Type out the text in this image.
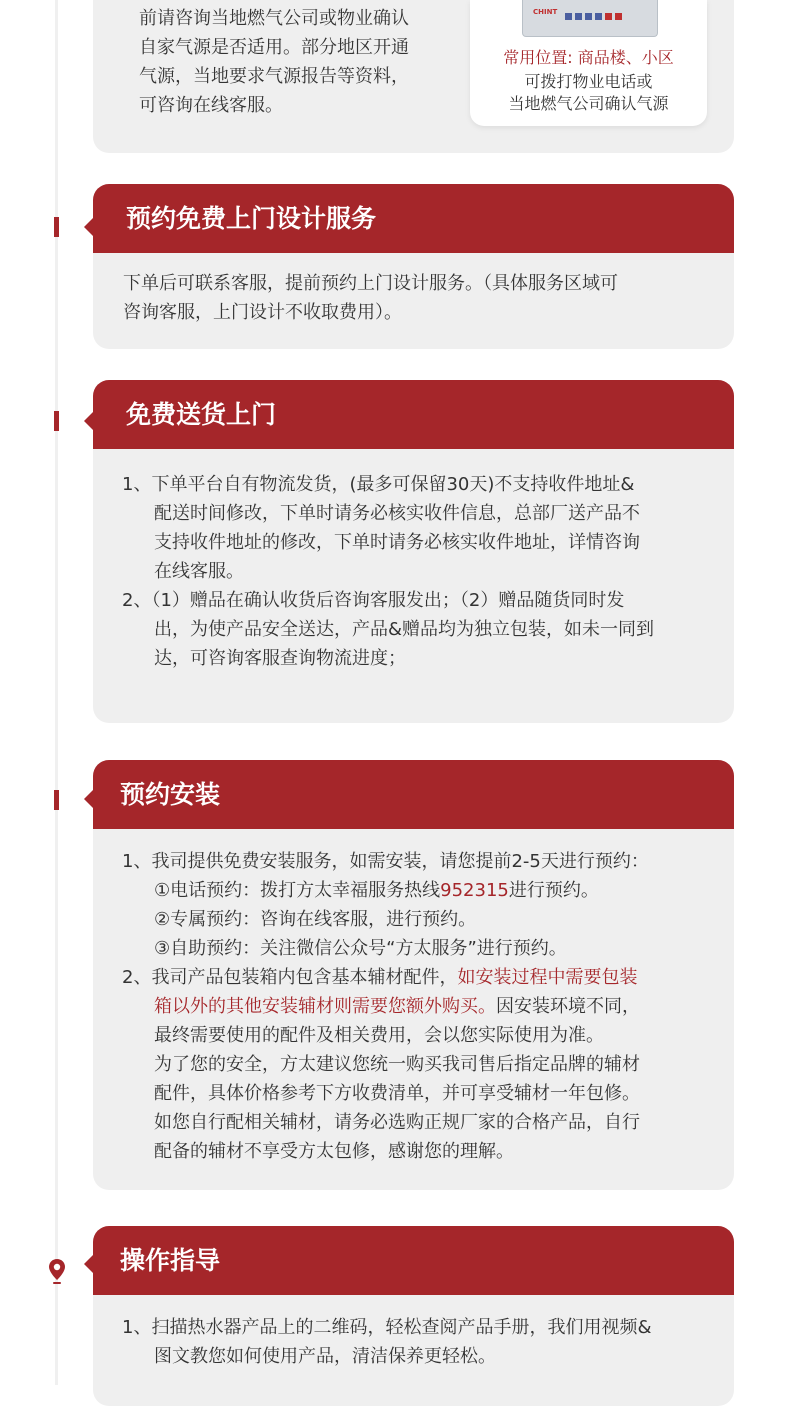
前请咨询当地燃气公司或物业确认
自家气源是否适用。部分地区开通
气源，当地要求气源报告等资料，
可咨询在线客服。
CHINT
常用位置: 商品楼、小区
可拨打物业电话或
当地燃气公司确认气源
预约免费上门设计服务
下单后可联系客服，提前预约上门设计服务。（具体服务区域可
咨询客服，上门设计不收取费用）。
免费送货上门
1、下单平台自有物流发货，(最多可保留30天)不支持收件地址&
配送时间修改，下单时请务必核实收件信息，总部厂送产品不
支持收件地址的修改，下单时请务必核实收件地址，详情咨询
在线客服。
2、（1）赠品在确认收货后咨询客服发出；（2）赠品随货同时发
出，为使产品安全送达，产品&赠品均为独立包装，如未一同到
达，可咨询客服查询物流进度；
预约安装
1、我司提供免费安装服务，如需安装，请您提前2-5天进行预约：
①电话预约：拨打方太幸福服务热线952315进行预约。
②专属预约：咨询在线客服，进行预约。
③自助预约：关注微信公众号“方太服务”进行预约。
2、我司产品包装箱内包含基本辅材配件，如安装过程中需要包装
箱以外的其他安装辅材则需要您额外购买。因安装环境不同，
最终需要使用的配件及相关费用，会以您实际使用为准。
为了您的安全，方太建议您统一购买我司售后指定品牌的辅材
配件，具体价格参考下方收费清单，并可享受辅材一年包修。
如您自行配相关辅材，请务必选购正规厂家的合格产品，自行
配备的辅材不享受方太包修，感谢您的理解。
操作指导
1、扫描热水器产品上的二维码，轻松查阅产品手册，我们用视频&
图文教您如何使用产品，清洁保养更轻松。
